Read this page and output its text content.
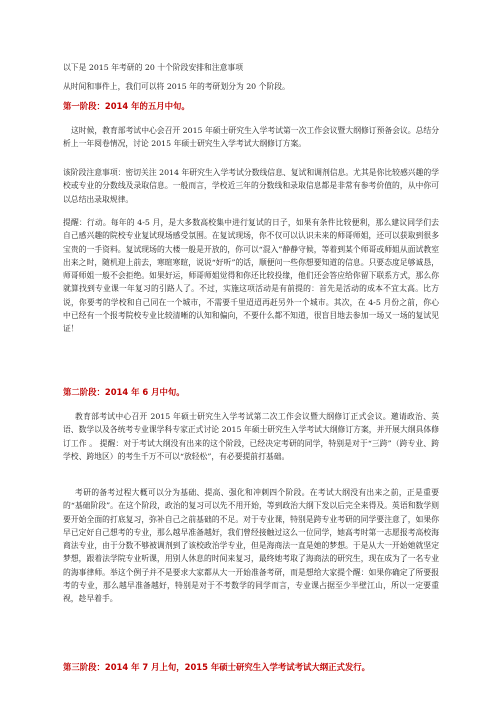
以下是 2015 年考研的 20 十个阶段安排和注意事项
从时间和事件上，我们可以将 2015 年的考研划分为 20 个阶段。
第一阶段：2014 年的五月中旬。

这时候，教育部考试中心会召开 2015 年硕士研究生入学考试第一次工作会议暨大纲修订预备会议。总结分析上一年阅卷情况，讨论 2015 年硕士研究生入学考试大纲修订方案。

该阶段注意事项：密切关注 2014 年研究生入学考试分数线信息、复试和调剂信息。尤其是你比较感兴趣的学校或专业的分数线及录取信息。一般而言，学校近三年的分数线和录取信息都是非常有参考价值的，从中你可以总结出录取规律。

提醒：行动。每年的 4-5 月，是大多数高校集中进行复试的日子，如果有条件比较便利，那么建议同学们去自己感兴趣的院校专业复试现场感受氛围。在复试现场，你不仅可以认识未来的师哥师姐，还可以获取到很多宝贵的一手资料。复试现场的大楼一般是开放的，你可以“混入”静静守候，等着到某个师哥或师姐从面试教室出来之时，随机迎上前去，寒暄寒暄，说说“好听”的话，顺便问一些你想要知道的信息。只要态度足够诚恳，师哥师姐一般不会拒绝。如果好运，师哥师姐觉得和你还比较投缘，他们还会答应给你留下联系方式，那么你就算找到专业课一年复习的引路人了。不过，实施这项活动是有前提的：首先是活动的成本不宜太高。比方说，你要考的学校和自己同在一个城市，不需要千里迢迢再赶另外一个城市。其次，在 4-5 月份之前，你心中已经有一个报考院校专业比较清晰的认知和偏向，不要什么都不知道，很盲目地去参加一场又一场的复试见证！

第二阶段：2014 年 6 月中旬。

教育部考试中心召开 2015 年硕士研究生入学考试第二次工作会议暨大纲修订正式会议。邀请政治、英语、数学以及各统考专业课学科专家正式讨论 2015 年硕士研究生入学考试大纲修订方案，并开展大纲具体修订工作 。 提醒：对于考试大纲没有出来的这个阶段，已经决定考研的同学，特别是对于“三跨”（跨专业、跨学校、跨地区）的考生千万不可以“放轻松”，有必要提前打基础。

考研的备考过程大概可以分为基础、提高、强化和冲刺四个阶段。在考试大纲没有出来之前，正是重要的“基础阶段”。在这个阶段，政治的复习可以先不用开始，等到政治大纲下发以后完全来得及。英语和数学则要开始全面的打底复习，弥补自己之前基础的不足。对于专业课，特别是跨专业考研的同学要注意了，如果你早已定好自己想考的专业，那么越早准备越好，我们曾经接触过这么一位同学，她高考时第一志愿报考高校海商法专业，由于分数不够被调剂到了该校政治学专业，但是海商法一直是她的梦想。于是从大一开始她就坚定梦想，跟着法学院专业听课，用别人休息的时间来复习，最终她考取了海商法的研究生，现在成为了一名专业的海事律师。举这个例子并不是要求大家都从大一开始准备考研，而是想给大家提个醒：如果你确定了所要报考的专业，那么越早准备越好，特别是对于不考数学的同学而言，专业课占据至少半壁江山，所以一定要重视，趁早着手。

第三阶段：2014 年 7 月上旬，2015 年硕士研究生入学考试考试大纲正式发行。
